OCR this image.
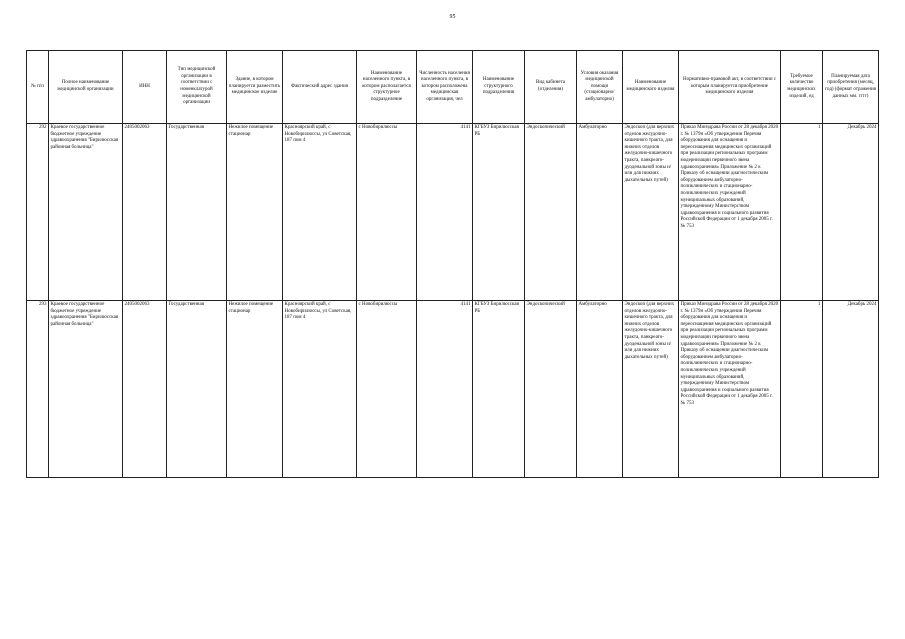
95
№ п/п	Полное наименование медицинской организации	ИНН	Тип медицинской организации в соответствии с номенклатурой медицинской организации	Здание, в котором планируется разместить медицинское изделие	Фактический адрес здания	Наименование населенного пункта, в котором располагается структурное подразделение	Численность населения населенного пункта, в котором расположена медицинская организация, чел	Наименование структурного подразделения	Вид кабинета (отделения)	Условия оказания медицинской помощи (стационарно/амбулаторно)	Наименование медицинского изделия	Нормативно-правовой акт, в соответствии с которым планируется приобретение медицинского изделия	Требуемое количество медицинских изделий, ед	Планируемая дата приобретения (месяц, год) (формат отражения данных мм. гггг)
292	Краевое государственное бюджетное учреждение здравоохранения "Бирилюсская районная больница"	2405002063	Государственная	Нежилое помещение стационар	Красноярский край, с Новобирилюссы, ул Советская, 187 пом 4	с Новобирилюссы	4141	КГБУЗ Бирилюсская РБ	Эндоскопический	Амбулаторно	Эндоскоп (для верхних отделов желудочно-кишечного тракта, для нижних отделов желудочно-кишечного тракта, панкреато-дуоденальной зоны и/или для нижних дыхательных путей)	Приказ Минздрава России от 28 декабря 2020 г. № 1379н «Об утверждении Перечня оборудования для оснащения и переоснащения медицинских организаций при реализации региональных программ модернизации первичного звена здравоохранения» Приложение № 2 к Приказу об оснащении диагностическим оборудованием амбулаторно-поликлинических и стационарно-поликлинических учреждений муниципальных образований, утвержденному Министерством здравоохранения и социального развития Российской Федерации от 1 декабря 2005 г. № 753	1	Декабрь 2024
293	Краевое государственное бюджетное учреждение здравоохранения "Бирилюсская районная больница"	2405002063	Государственная	Нежилое помещение стационар	Красноярский край, с Новобирилюссы, ул Советская, 187 пом 4	с Новобирилюссы	4141	КГБУЗ Бирилюсская РБ	Эндоскопический	Амбулаторно	Эндоскоп (для верхних отделов желудочно-кишечного тракта, для нижних отделов желудочно-кишечного тракта, панкреато-дуоденальной зоны и/или для нижних дыхательных путей)	Приказ Минздрава России от 28 декабря 2020 г. № 1379н «Об утверждении Перечня оборудования для оснащения и переоснащения медицинских организаций при реализации региональных программ модернизации первичного звена здравоохранения» Приложение № 2 к Приказу об оснащении диагностическим оборудованием амбулаторно-поликлинических и стационарно-поликлинических учреждений муниципальных образований, утвержденному Министерством здравоохранения и социального развития Российской Федерации от 1 декабря 2005 г. № 753	1	Декабрь 2024
